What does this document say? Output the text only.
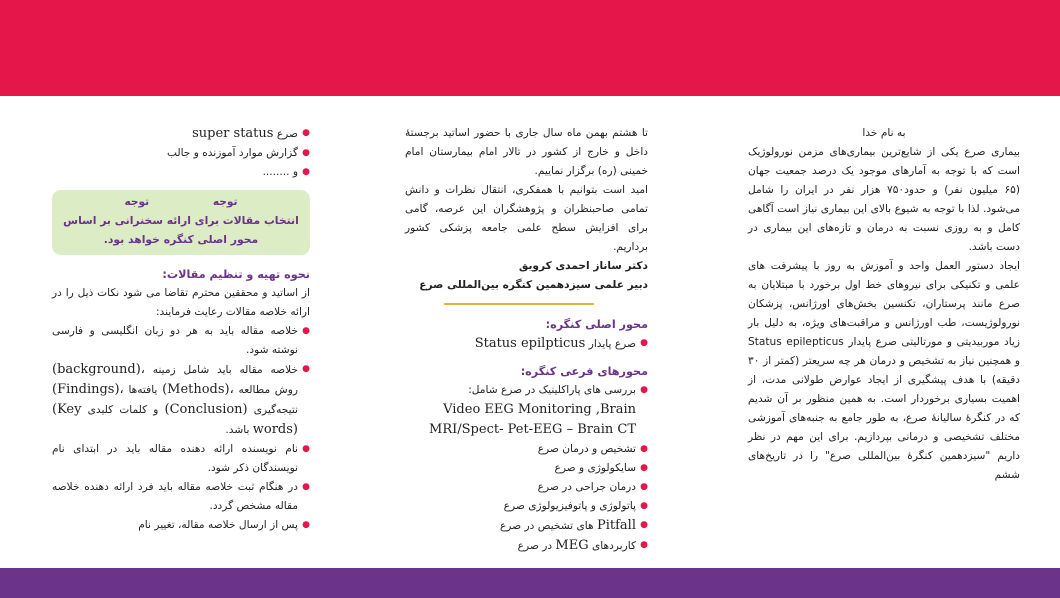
به نام خدا

بیماری صرع یکی از شایع‌ترین بیماری‌های مزمن نورولوژیک است که با توجه به آمارهای موجود یک درصد جمعیت جهان (۶۵ میلیون نفر) و حدود۷۵۰ هزار نفر در ایران را شامل می‌شود. لذا با توجه به شیوع بالای این بیماری نیاز است آگاهی کامل و به روزی نسبت به درمان و تازه‌های این بیماری در دست باشد.

ایجاد دستور العمل واحد و آموزش به روز با پیشرفت های علمی و تکنیکی برای نیروهای خط اول برخورد با مبتلایان به صرع مانند پرستاران، تکنسین بخش‌های اورژانس، پزشکان نورولوژیست، طب اورژانس و مراقبت‌های ویژه، به دلیل بار زیاد موربیدیتی و مورتالیتی صرع پایدار Status epilepticus و همچنین نیاز به تشخیص و درمان هر چه سریعتر (کمتر از ۳۰ دقیقه) با هدف پیشگیری از ایجاد عوارض طولانی مدت، از اهمیت بسیاری برخوردار است. به همین منظور بر آن شدیم که در کنگرهٔ سالیانهٔ صرع، به طور جامع به جنبه‌های آموزشی مختلف تشخیصی و درمانی بپردازیم. برای این مهم در نظر داریم "سیزدهمین کنگرهٔ بین‌المللی صرع" را در تاریخ‌های ششم

تا هشتم بهمن ماه سال جاری با حضور اساتید برجستهٔ داخل و خارج از کشور در تالار امام بیمارستان امام خمینی (ره) برگزار نماییم.

امید است بتوانیم با همفکری، انتقال نظرات و دانش تمامی صاحبنظران و پژوهشگران این عرصه، گامی برای افزایش سطح علمی جامعه پزشکی کشور برداریم.

دکتر ساناز احمدی کرویق

دبیر علمی سیزدهمین کنگره بین‌المللی صرع

محور اصلی کنگره:

● صرع پایدار Status epilpticus

محورهای فرعی کنگره:

● بررسی های پاراکلینیک در صرع شامل:
Video EEG Monitoring ,Brain
MRI/Spect- Pet-EEG – Brain CT
● تشخیص و درمان صرع
● سایکولوژی و صرع
● درمان جراحی در صرع
● پاتولوژی و پاتوفیزیولوژی صرع
● Pitfall های تشخیص در صرع
● کاربردهای MEG در صرع
● صرع super status
● گزارش موارد آموزنده و جالب
● و ........
توجه توجه
انتخاب مقالات برای ارائه سخنرانی بر اساس محور اصلی کنگره خواهد بود.

نحوه تهیه و تنظیم مقالات:

از اساتید و محققین محترم تقاضا می شود نکات ذیل را در ارائه خلاصه مقالات رعایت فرمایند:

● خلاصه مقاله باید به هر دو زبان انگلیسی و فارسی نوشته شود.
● خلاصه مقاله باید شامل زمینه (background)، روش مطالعه (Methods)، یافته‌ها (Findings)، نتیجه‌گیری (Conclusion) و کلمات کلیدی (Key words) باشد.
● نام نویسنده ارائه دهنده مقاله باید در ابتدای نام نویسندگان ذکر شود.
● در هنگام ثبت خلاصه مقاله باید فرد ارائه دهنده خلاصه مقاله مشخص گردد.
● پس از ارسال خلاصه مقاله، تغییر نام
